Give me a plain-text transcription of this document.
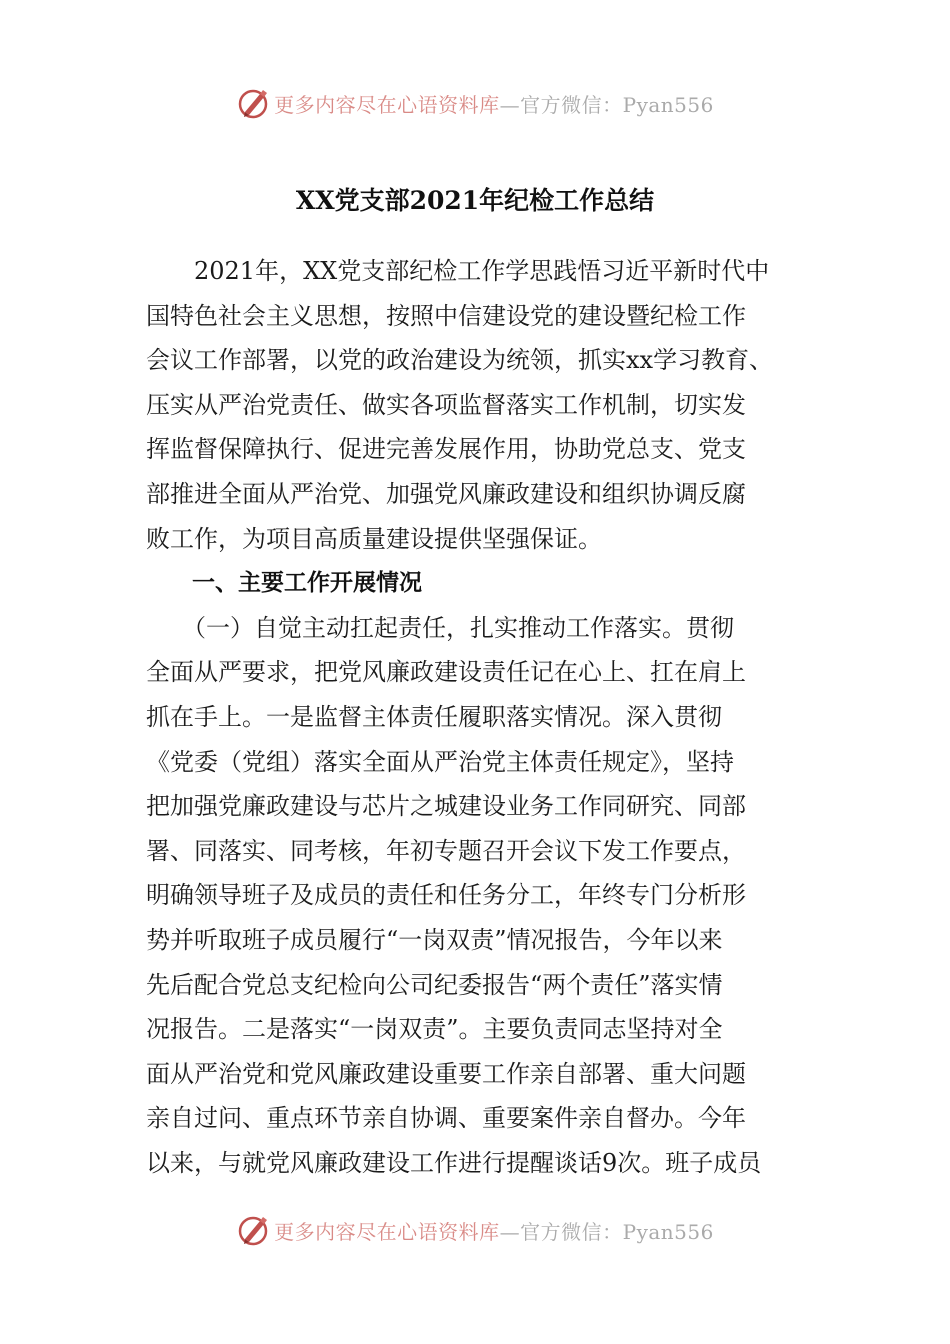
更多内容尽在心语资料库—官方微信：Pyan556
XX党支部2021年纪检工作总结
　　2021年，XX党支部纪检工作学思践悟习近平新时代中
国特色社会主义思想，按照中信建设党的建设暨纪检工作
会议工作部署，以党的政治建设为统领，抓实xx学习教育、
压实从严治党责任、做实各项监督落实工作机制，切实发
挥监督保障执行、促进完善发展作用，协助党总支、党支
部推进全面从严治党、加强党风廉政建设和组织协调反腐
败工作，为项目高质量建设提供坚强保证。
　　一、主要工作开展情况
　　（一）自觉主动扛起责任，扎实推动工作落实。贯彻
全面从严要求，把党风廉政建设责任记在心上、扛在肩上
抓在手上。一是监督主体责任履职落实情况。深入贯彻
《党委（党组）落实全面从严治党主体责任规定》，坚持
把加强党廉政建设与芯片之城建设业务工作同研究、同部
署、同落实、同考核，年初专题召开会议下发工作要点，
明确领导班子及成员的责任和任务分工，年终专门分析形
势并听取班子成员履行“一岗双责”情况报告，今年以来
先后配合党总支纪检向公司纪委报告“两个责任”落实情
况报告。二是落实“一岗双责”。主要负责同志坚持对全
面从严治党和党风廉政建设重要工作亲自部署、重大问题
亲自过问、重点环节亲自协调、重要案件亲自督办。今年
以来，与就党风廉政建设工作进行提醒谈话9次。班子成员
更多内容尽在心语资料库—官方微信：Pyan556
